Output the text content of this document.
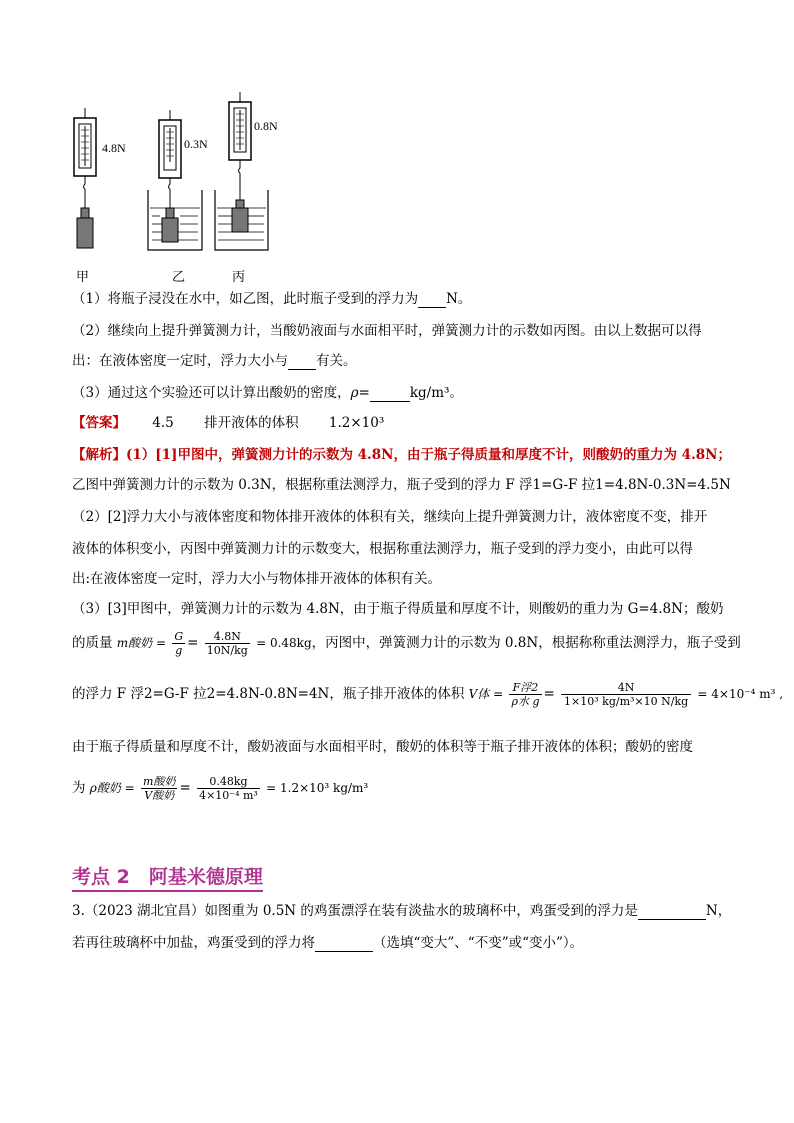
4.8N	0.3N
0.8N
甲	乙	丙
（1）将瓶子浸没在水中，如乙图，此时瓶子受到的浮力为 N。
（2）继续向上提升弹簧测力计，当酸奶液面与水面相平时，弹簧测力计的示数如丙图。由以上数据可以得
出：在液体密度一定时，浮力大小与 有关。
（3）通过这个实验还可以计算出酸奶的密度，ρ=	kg/m³。
【答案】 4.5 排开液体的体积 1.2×10³
【解析】(1）[1]甲图中，弹簧测力计的示数为 4.8N，由于瓶子得质量和厚度不计，则酸奶的重力为 4.8N；
乙图中弹簧测力计的示数为 0.3N，根据称重法测浮力，瓶子受到的浮力 F 浮1=G-F 拉1=4.8N-0.3N=4.5N
（2）[2]浮力大小与液体密度和物体排开液体的体积有关，继续向上提升弹簧测力计，液体密度不变，排开
液体的体积变小，丙图中弹簧测力计的示数变大，根据称重法测浮力，瓶子受到的浮力变小，由此可以得
出:在液体密度一定时，浮力大小与物体排开液体的体积有关。
（3）[3]甲图中，弹簧测力计的示数为 4.8N，由于瓶子得质量和厚度不计，则酸奶的重力为 G=4.8N；酸奶
的质量 m酸奶 = $\frac{G}{g} = \frac{4.8N}{10N/kg} = 0.48kg$，丙图中，弹簧测力计的示数为 0.8N，根据称称重法测浮力，瓶子受到
的浮力 F 浮2=G-F 拉2=4.8N-0.8N=4N，瓶子排开液体的体积 V体 = $\frac{\text{F浮2}}{\text{ρ水 g}} = \frac{4N}{\text{1×10³ kg/m³×10 N/kg}} = 4\times 10^{-4}$ m³ ,
由于瓶子得质量和厚度不计，酸奶液面与水面相平时，酸奶的体积等于瓶子排开液体的体积；酸奶的密度
为 ρ酸奶 = $\frac{\text{m酸奶}}{\text{V酸奶}} = \frac{0.48kg}{\text{4×10⁻⁴ m³}} = 1.2\times 10^3$ kg/m³
考点 2　阿基米德原理
3.（2023 湖北宜昌）如图重为 0.5N 的鸡蛋漂浮在装有淡盐水的玻璃杯中，鸡蛋受到的浮力是	N，
若再往玻璃杯中加盐，鸡蛋受到的浮力将	（选填“变大”、“不变”或“变小”）。
